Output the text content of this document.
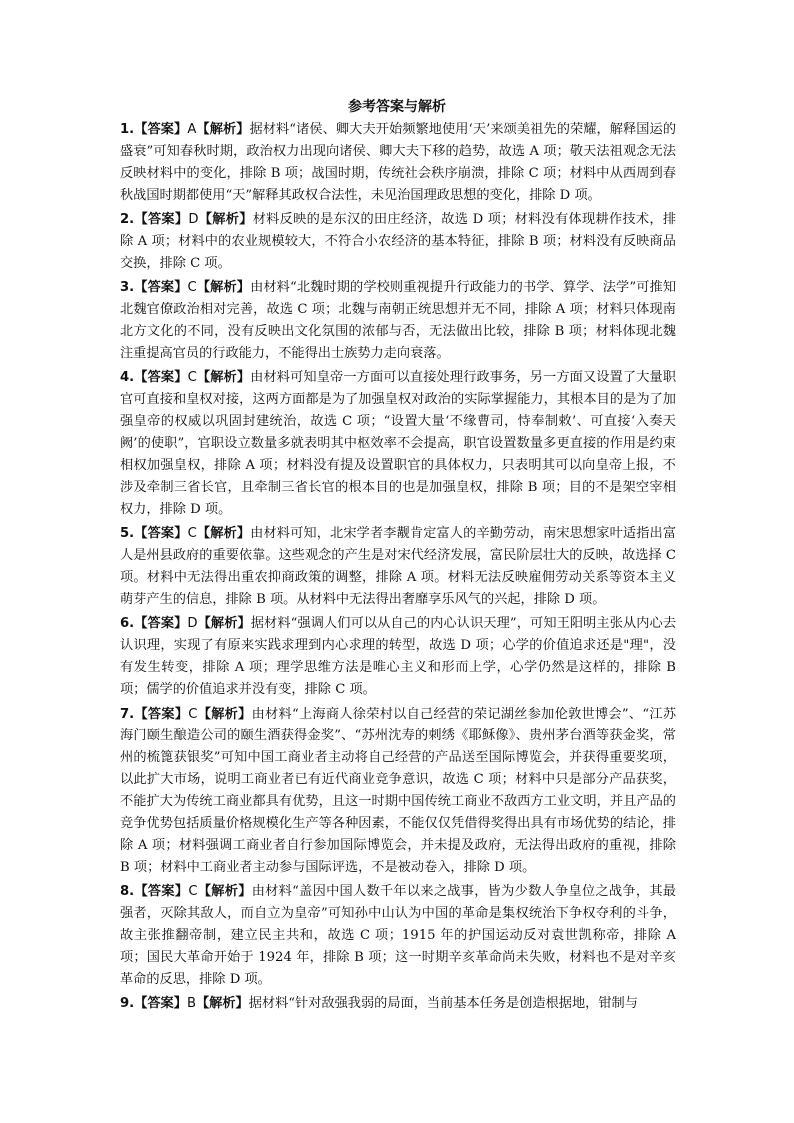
参考答案与解析

1.【答案】A【解析】据材料“诸侯、卿大夫开始频繁地使用‘天’来颂美祖先的荣耀，解释国运的盛衰”可知春秋时期，政治权力出现向诸侯、卿大夫下移的趋势，故选 A 项；敬天法祖观念无法反映材料中的变化，排除 B 项；战国时期，传统社会秩序崩溃，排除 C 项；材料中从西周到春秋战国时期都使用“天”解释其政权合法性，未见治国理政思想的变化，排除 D 项。

2.【答案】D【解析】材料反映的是东汉的田庄经济，故选 D 项；材料没有体现耕作技术，排除 A 项；材料中的农业规模较大，不符合小农经济的基本特征，排除 B 项；材料没有反映商品交换，排除 C 项。

3.【答案】C【解析】由材料“北魏时期的学校则重视提升行政能力的书学、算学、法学”可推知北魏官僚政治相对完善，故选 C 项；北魏与南朝正统思想并无不同，排除 A 项；材料只体现南北方文化的不同，没有反映出文化氛围的浓郁与否，无法做出比较，排除 B 项；材料体现北魏注重提高官员的行政能力，不能得出士族势力走向衰落。

4.【答案】C【解析】由材料可知皇帝一方面可以直接处理行政事务，另一方面又设置了大量职官可直接和皇权对接，这两方面都是为了加强皇权对政治的实际掌握能力，其根本目的是为了加强皇帝的权威以巩固封建统治，故选 C 项；“设置大量‘不缘曹司，恃奉制敕’、可直接‘入奏天阙’的使职”，官职设立数量多就表明其中枢效率不会提高，职官设置数量多更直接的作用是约束相权加强皇权，排除 A 项；材料没有提及设置职官的具体权力，只表明其可以向皇帝上报，不涉及牵制三省长官，且牵制三省长官的根本目的也是加强皇权，排除 B 项；目的不是架空宰相权力，排除 D 项。

5.【答案】C【解析】由材料可知，北宋学者李觏肯定富人的辛勤劳动，南宋思想家叶适指出富人是州县政府的重要依靠。这些观念的产生是对宋代经济发展，富民阶层壮大的反映，故选择 C 项。材料中无法得出重农抑商政策的调整，排除 A 项。材料无法反映雇佣劳动关系等资本主义萌芽产生的信息，排除 B 项。从材料中无法得出奢靡享乐风气的兴起，排除 D 项。

6.【答案】D【解析】据材料“强调人们可以从自己的内心认识天理”，可知王阳明主张从内心去认识理，实现了有原来实践求理到内心求理的转型，故选 D 项；心学的价值追求还是"理"，没有发生转变，排除 A 项；理学思维方法是唯心主义和形而上学，心学仍然是这样的，排除 B 项；儒学的价值追求并没有变，排除 C 项。

7.【答案】C【解析】由材料“上海商人徐荣村以自己经营的荣记湖丝参加伦敦世博会”、“江苏海门颐生酿造公司的颐生酒获得金奖”、“苏州沈寿的刺绣《耶稣像》、贵州茅台酒等获金奖，常州的梳篦获银奖”可知中国工商业者主动将自己经营的产品送至国际博览会，并获得重要奖项，以此扩大市场，说明工商业者已有近代商业竞争意识，故选 C 项；材料中只是部分产品获奖，不能扩大为传统工商业都具有优势，且这一时期中国传统工商业不敌西方工业文明，并且产品的竞争优势包括质量价格规模化生产等各种因素，不能仅仅凭借得奖得出具有市场优势的结论，排除 A 项；材料强调工商业者自行参加国际博览会，并未提及政府，无法得出政府的重视，排除 B 项；材料中工商业者主动参与国际评选，不是被动卷入，排除 D 项。

8.【答案】C【解析】由材料“盖因中国人数千年以来之战事，皆为少数人争皇位之战争，其最强者，灭除其敌人，而自立为皇帝”可知孙中山认为中国的革命是集权统治下争权夺利的斗争，故主张推翻帝制，建立民主共和，故选 C 项；1915 年的护国运动反对袁世凯称帝，排除 A 项；国民大革命开始于 1924 年，排除 B 项；这一时期辛亥革命尚未失败，材料也不是对辛亥革命的反思，排除 D 项。

9.【答案】B【解析】据材料“针对敌强我弱的局面，当前基本任务是创造根据地，钳制与
